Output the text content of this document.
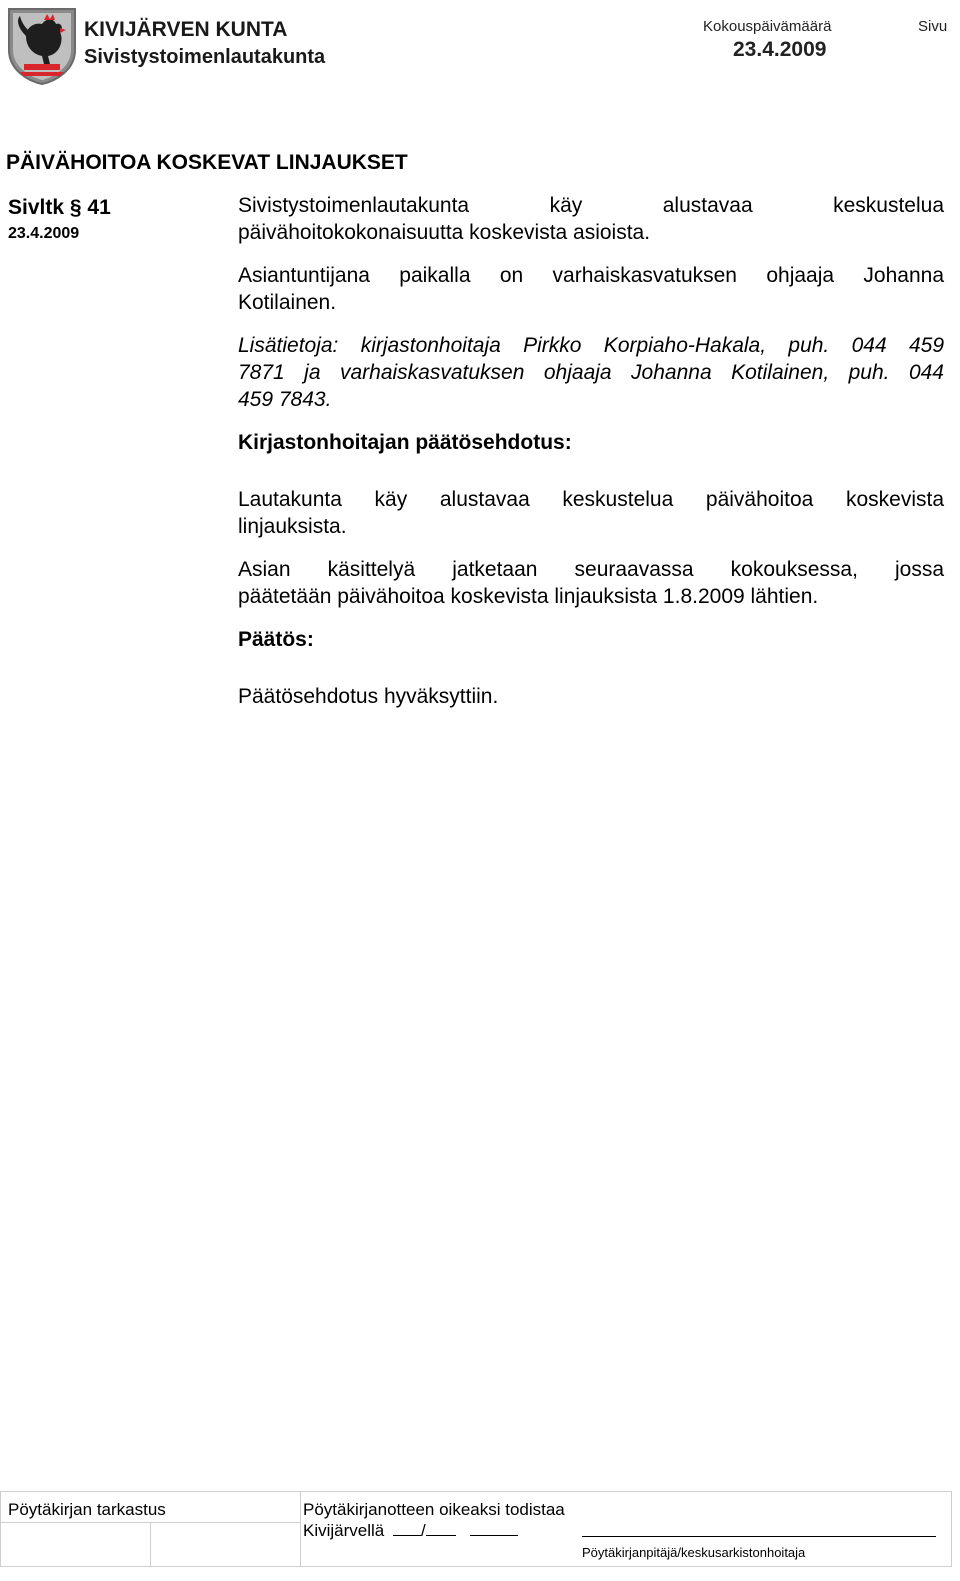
KIVIJÄRVEN KUNTA
Sivistystoimenlautakunta
Kokouspäivämäärä
23.4.2009
Sivu
PÄIVÄHOITOA KOSKEVAT LINJAUKSET
Sivltk § 41
23.4.2009

Sivistystoimenlautakunta käy alustavaa keskustelua

päivähoitokokonaisuutta koskevista asioista.

Asiantuntijana paikalla on varhaiskasvatuksen ohjaaja Johanna

Kotilainen.

Lisätietoja: kirjastonhoitaja Pirkko Korpiaho-Hakala, puh. 044 459

7871 ja varhaiskasvatuksen ohjaaja Johanna Kotilainen, puh. 044

459 7843.

Kirjastonhoitajan päätösehdotus:

Lautakunta käy alustavaa keskustelua päivähoitoa koskevista

linjauksista.

Asian käsittelyä jatketaan seuraavassa kokouksessa, jossa

päätetään päivähoitoa koskevista linjauksista 1.8.2009 lähtien.

Päätös:

Päätösehdotus hyväksyttiin.

Pöytäkirjan tarkastus	Pöytäkirjanotteen oikeaksi todistaa
Kivijärvellä /
Pöytäkirjanpitäjä/keskusarkistonhoitaja
